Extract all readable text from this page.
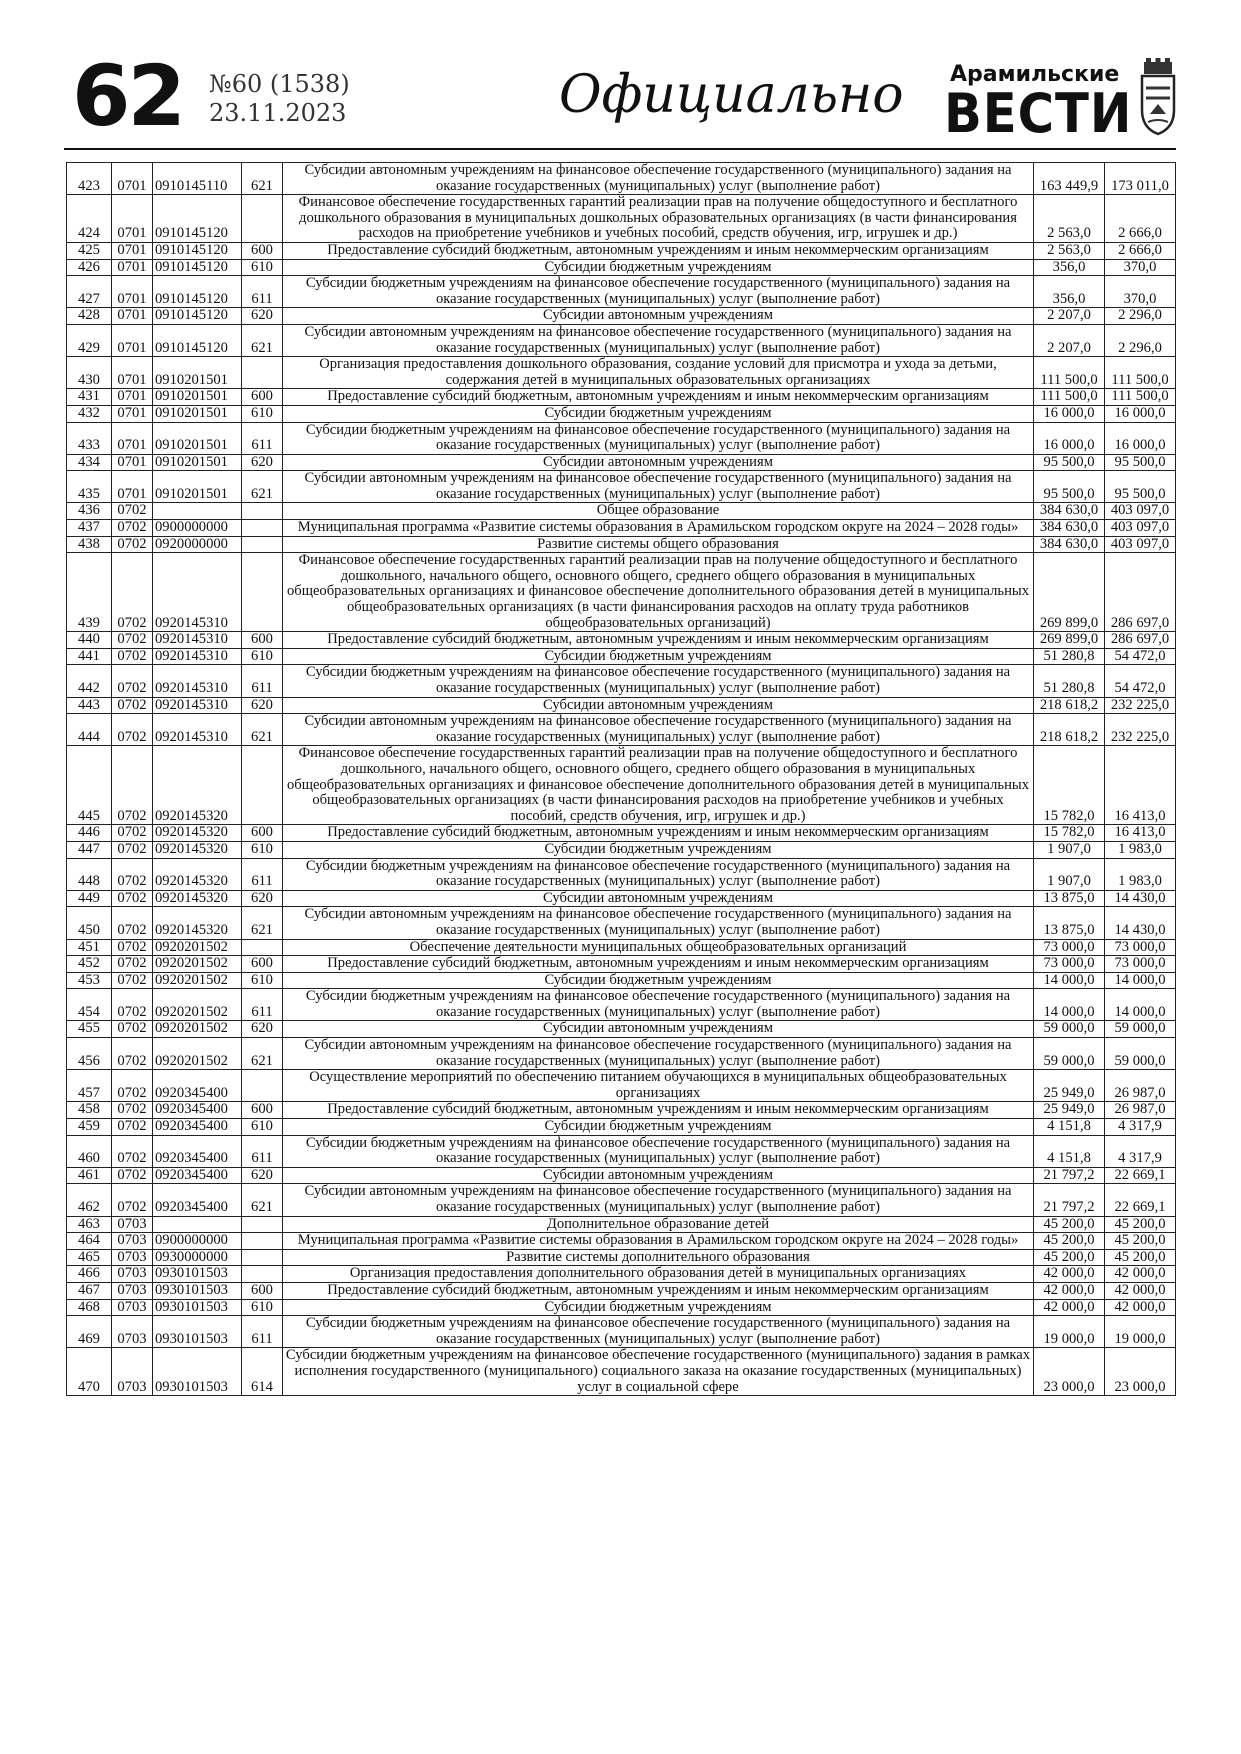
62 №60 (1538)
23.11.2023	Официально Арамильские
ВЕСТИ
423	0701	0910145110	621	Субсидии автономным учреждениям на финансовое обеспечение государственного (муниципального) задания на оказание государственных (муниципальных) услуг (выполнение работ)	163 449,9	173 011,0
424	0701	0910145120		Финансовое обеспечение государственных гарантий реализации прав на получение общедоступного и бесплатного дошкольного образования в муниципальных дошкольных образовательных организациях (в части финансирования расходов на приобретение учебников и учебных пособий, средств обучения, игр, игрушек и др.)	2 563,0	2 666,0
425	0701	0910145120	600	Предоставление субсидий бюджетным, автономным учреждениям и иным некоммерческим организациям	2 563,0	2 666,0
426	0701	0910145120	610	Субсидии бюджетным учреждениям	356,0	370,0
427	0701	0910145120	611	Субсидии бюджетным учреждениям на финансовое обеспечение государственного (муниципального) задания на оказание государственных (муниципальных) услуг (выполнение работ)	356,0	370,0
428	0701	0910145120	620	Субсидии автономным учреждениям	2 207,0	2 296,0
429	0701	0910145120	621	Субсидии автономным учреждениям на финансовое обеспечение государственного (муниципального) задания на оказание государственных (муниципальных) услуг (выполнение работ)	2 207,0	2 296,0
430	0701	0910201501		Организация предоставления дошкольного образования, создание условий для присмотра и ухода за детьми, содержания детей в муниципальных образовательных организациях	111 500,0	111 500,0
431	0701	0910201501	600	Предоставление субсидий бюджетным, автономным учреждениям и иным некоммерческим организациям	111 500,0	111 500,0
432	0701	0910201501	610	Субсидии бюджетным учреждениям	16 000,0	16 000,0
433	0701	0910201501	611	Субсидии бюджетным учреждениям на финансовое обеспечение государственного (муниципального) задания на оказание государственных (муниципальных) услуг (выполнение работ)	16 000,0	16 000,0
434	0701	0910201501	620	Субсидии автономным учреждениям	95 500,0	95 500,0
435	0701	0910201501	621	Субсидии автономным учреждениям на финансовое обеспечение государственного (муниципального) задания на оказание государственных (муниципальных) услуг (выполнение работ)	95 500,0	95 500,0
436	0702			Общее образование	384 630,0	403 097,0
437	0702	0900000000		Муниципальная программа «Развитие системы образования в Арамильском городском округе на 2024 – 2028 годы»	384 630,0	403 097,0
438	0702	0920000000		Развитие системы общего образования	384 630,0	403 097,0
439	0702	0920145310		Финансовое обеспечение государственных гарантий реализации прав на получение общедоступного и бесплатного дошкольного, начального общего, основного общего, среднего общего образования в муниципальных общеобразовательных организациях и финансовое обеспечение дополнительного образования детей в муниципальных общеобразовательных организациях (в части финансирования расходов на оплату труда работников общеобразовательных организаций)	269 899,0	286 697,0
440	0702	0920145310	600	Предоставление субсидий бюджетным, автономным учреждениям и иным некоммерческим организациям	269 899,0	286 697,0
441	0702	0920145310	610	Субсидии бюджетным учреждениям	51 280,8	54 472,0
442	0702	0920145310	611	Субсидии бюджетным учреждениям на финансовое обеспечение государственного (муниципального) задания на оказание государственных (муниципальных) услуг (выполнение работ)	51 280,8	54 472,0
443	0702	0920145310	620	Субсидии автономным учреждениям	218 618,2	232 225,0
444	0702	0920145310	621	Субсидии автономным учреждениям на финансовое обеспечение государственного (муниципального) задания на оказание государственных (муниципальных) услуг (выполнение работ)	218 618,2	232 225,0
445	0702	0920145320		Финансовое обеспечение государственных гарантий реализации прав на получение общедоступного и бесплатного дошкольного, начального общего, основного общего, среднего общего образования в муниципальных общеобразовательных организациях и финансовое обеспечение дополнительного образования детей в муниципальных общеобразовательных организациях (в части финансирования расходов на приобретение учебников и учебных пособий, средств обучения, игр, игрушек и др.)	15 782,0	16 413,0
446	0702	0920145320	600	Предоставление субсидий бюджетным, автономным учреждениям и иным некоммерческим организациям	15 782,0	16 413,0
447	0702	0920145320	610	Субсидии бюджетным учреждениям	1 907,0	1 983,0
448	0702	0920145320	611	Субсидии бюджетным учреждениям на финансовое обеспечение государственного (муниципального) задания на оказание государственных (муниципальных) услуг (выполнение работ)	1 907,0	1 983,0
449	0702	0920145320	620	Субсидии автономным учреждениям	13 875,0	14 430,0
450	0702	0920145320	621	Субсидии автономным учреждениям на финансовое обеспечение государственного (муниципального) задания на оказание государственных (муниципальных) услуг (выполнение работ)	13 875,0	14 430,0
451	0702	0920201502		Обеспечение деятельности муниципальных общеобразовательных организаций	73 000,0	73 000,0
452	0702	0920201502	600	Предоставление субсидий бюджетным, автономным учреждениям и иным некоммерческим организациям	73 000,0	73 000,0
453	0702	0920201502	610	Субсидии бюджетным учреждениям	14 000,0	14 000,0
454	0702	0920201502	611	Субсидии бюджетным учреждениям на финансовое обеспечение государственного (муниципального) задания на оказание государственных (муниципальных) услуг (выполнение работ)	14 000,0	14 000,0
455	0702	0920201502	620	Субсидии автономным учреждениям	59 000,0	59 000,0
456	0702	0920201502	621	Субсидии автономным учреждениям на финансовое обеспечение государственного (муниципального) задания на оказание государственных (муниципальных) услуг (выполнение работ)	59 000,0	59 000,0
457	0702	0920345400		Осуществление мероприятий по обеспечению питанием обучающихся в муниципальных общеобразовательных организациях	25 949,0	26 987,0
458	0702	0920345400	600	Предоставление субсидий бюджетным, автономным учреждениям и иным некоммерческим организациям	25 949,0	26 987,0
459	0702	0920345400	610	Субсидии бюджетным учреждениям	4 151,8	4 317,9
460	0702	0920345400	611	Субсидии бюджетным учреждениям на финансовое обеспечение государственного (муниципального) задания на оказание государственных (муниципальных) услуг (выполнение работ)	4 151,8	4 317,9
461	0702	0920345400	620	Субсидии автономным учреждениям	21 797,2	22 669,1
462	0702	0920345400	621	Субсидии автономным учреждениям на финансовое обеспечение государственного (муниципального) задания на оказание государственных (муниципальных) услуг (выполнение работ)	21 797,2	22 669,1
463	0703			Дополнительное образование детей	45 200,0	45 200,0
464	0703	0900000000		Муниципальная программа «Развитие системы образования в Арамильском городском округе на 2024 – 2028 годы»	45 200,0	45 200,0
465	0703	0930000000		Развитие системы дополнительного образования	45 200,0	45 200,0
466	0703	0930101503		Организация предоставления дополнительного образования детей в муниципальных организациях	42 000,0	42 000,0
467	0703	0930101503	600	Предоставление субсидий бюджетным, автономным учреждениям и иным некоммерческим организациям	42 000,0	42 000,0
468	0703	0930101503	610	Субсидии бюджетным учреждениям	42 000,0	42 000,0
469	0703	0930101503	611	Субсидии бюджетным учреждениям на финансовое обеспечение государственного (муниципального) задания на оказание государственных (муниципальных) услуг (выполнение работ)	19 000,0	19 000,0
470	0703	0930101503	614	Субсидии бюджетным учреждениям на финансовое обеспечение государственного (муниципального) задания в рамках исполнения государственного (муниципального) социального заказа на оказание государственных (муниципальных) услуг в социальной сфере	23 000,0	23 000,0
